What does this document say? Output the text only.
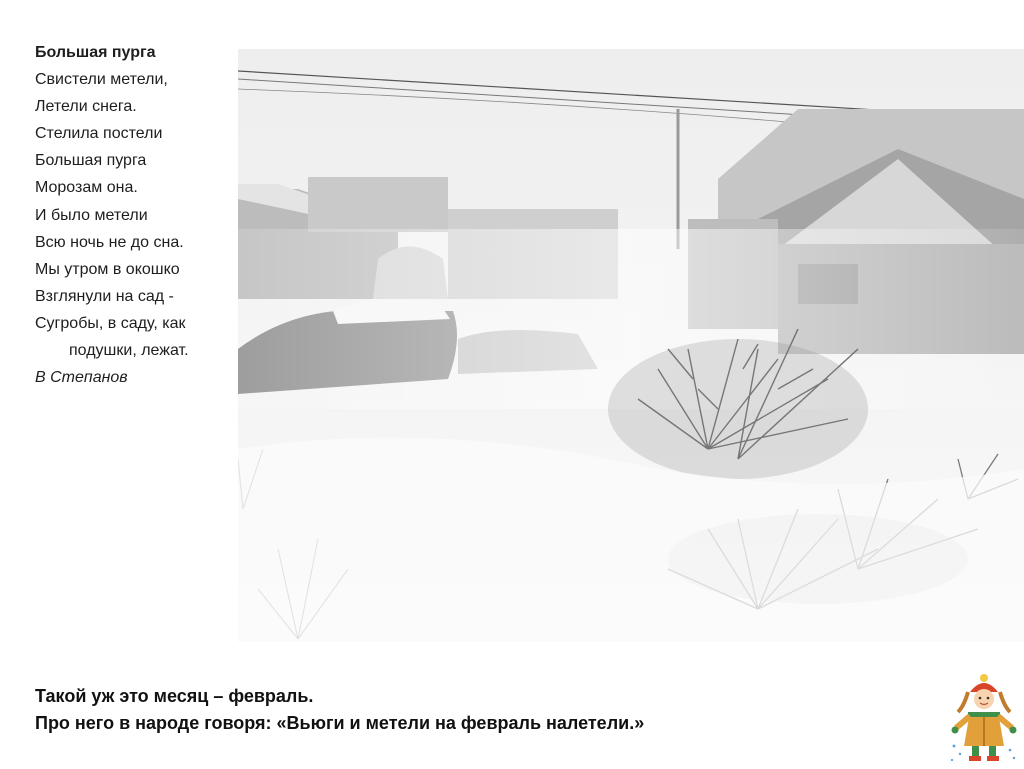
Большая пурга
Свистели метели,
Летели снега.
Стелила постели
Большая пурга
Морозам она.
И было метели
Всю ночь не до сна.
Мы утром в окошко
Взглянули на сад -
Сугробы, в саду, как
подушки, лежат.
В Степанов
Такой уж это месяц – февраль.
Про него в народе говоря: «Вьюги и метели на февраль налетели.»
